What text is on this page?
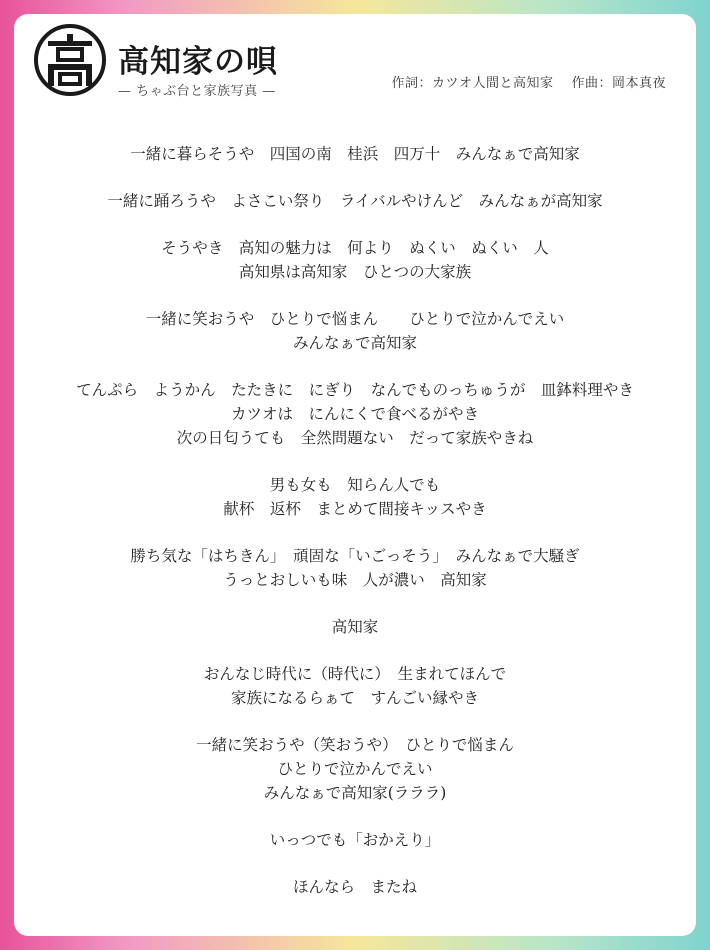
高知家の唄
— ちゃぶ台と家族写真 —
作詞：カツオ人間と高知家 作曲：岡本真夜
一緒に暮らそうや　四国の南　桂浜　四万十　みんなぁで高知家
一緒に踊ろうや　よさこい祭り　ライバルやけんど　みんなぁが高知家
そうやき　高知の魅力は　何より　ぬくい　ぬくい　人
高知県は高知家　ひとつの大家族
一緒に笑おうや　ひとりで悩まん　　ひとりで泣かんでえい
みんなぁで高知家
てんぷら　ようかん　たたきに　にぎり　なんでものっちゅうが　皿鉢料理やき
カツオは　にんにくで食べるがやき
次の日匂うても　全然問題ない　だって家族やきね
男も女も　知らん人でも
献杯　返杯　まとめて間接キッスやき
勝ち気な「はちきん」　頑固な「いごっそう」　みんなぁで大騒ぎ
うっとおしいも味　人が濃い　高知家
高知家
おんなじ時代に（時代に）　生まれてほんで
家族になるらぁて　すんごい縁やき
一緒に笑おうや（笑おうや）　ひとりで悩まん
ひとりで泣かんでえい
みんなぁで高知家(ラララ)
いっつでも「おかえり」
ほんなら　またね
